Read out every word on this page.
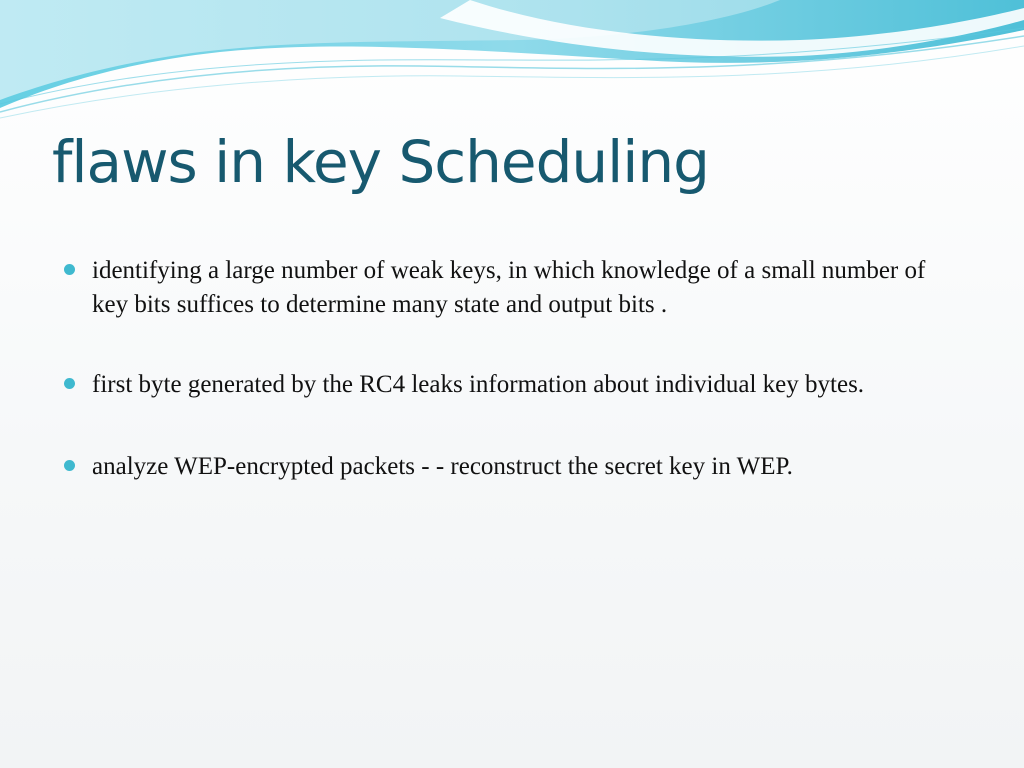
flaws in key Scheduling
identifying a large number of weak keys, in which knowledge of a small number of key bits suffices to determine many state and output bits .
first byte generated by the RC4 leaks information about individual key bytes.
analyze WEP-encrypted packets - - reconstruct the secret key in WEP.
